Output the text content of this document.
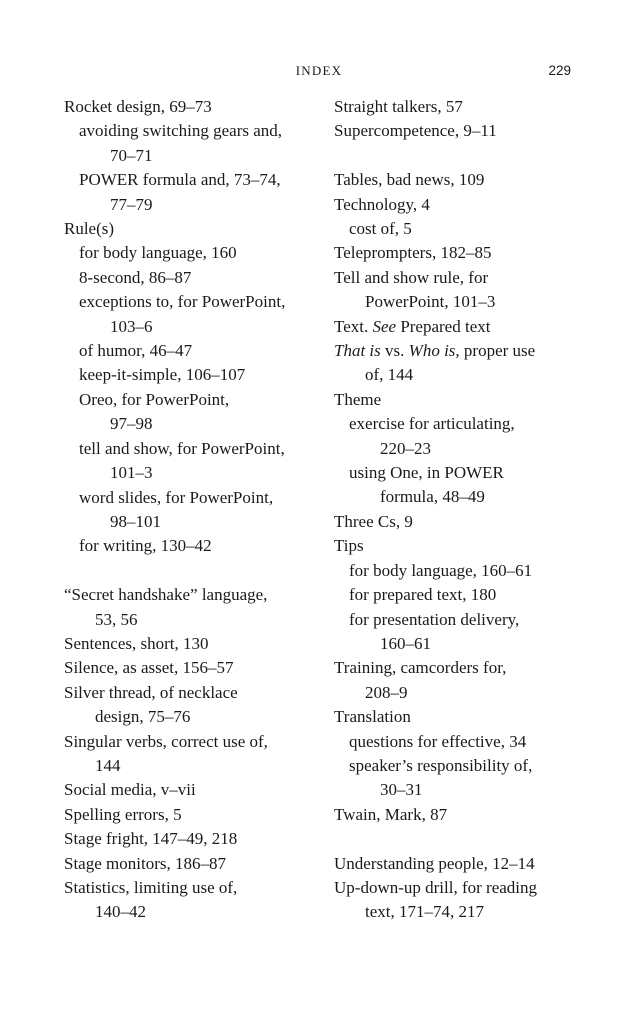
INDEX	229
Rocket design, 69–73
avoiding switching gears and,
70–71
POWER formula and, 73–74,
77–79
Rule(s)
for body language, 160
8-second, 86–87
exceptions to, for PowerPoint,
103–6
of humor, 46–47
keep-it-simple, 106–107
Oreo, for PowerPoint,
97–98
tell and show, for PowerPoint,
101–3
word slides, for PowerPoint,
98–101
for writing, 130–42
“Secret handshake” language,
53, 56
Sentences, short, 130
Silence, as asset, 156–57
Silver thread, of necklace
design, 75–76
Singular verbs, correct use of,
144
Social media, v–vii
Spelling errors, 5
Stage fright, 147–49, 218
Stage monitors, 186–87
Statistics, limiting use of,
140–42
Straight talkers, 57
Supercompetence, 9–11
Tables, bad news, 109
Technology, 4
cost of, 5
Teleprompters, 182–85
Tell and show rule, for
PowerPoint, 101–3
Text. See Prepared text
That is vs. Who is, proper use
of, 144
Theme
exercise for articulating,
220–23
using One, in POWER
formula, 48–49
Three Cs, 9
Tips
for body language, 160–61
for prepared text, 180
for presentation delivery,
160–61
Training, camcorders for,
208–9
Translation
questions for effective, 34
speaker’s responsibility of,
30–31
Twain, Mark, 87
Understanding people, 12–14
Up-down-up drill, for reading
text, 171–74, 217
